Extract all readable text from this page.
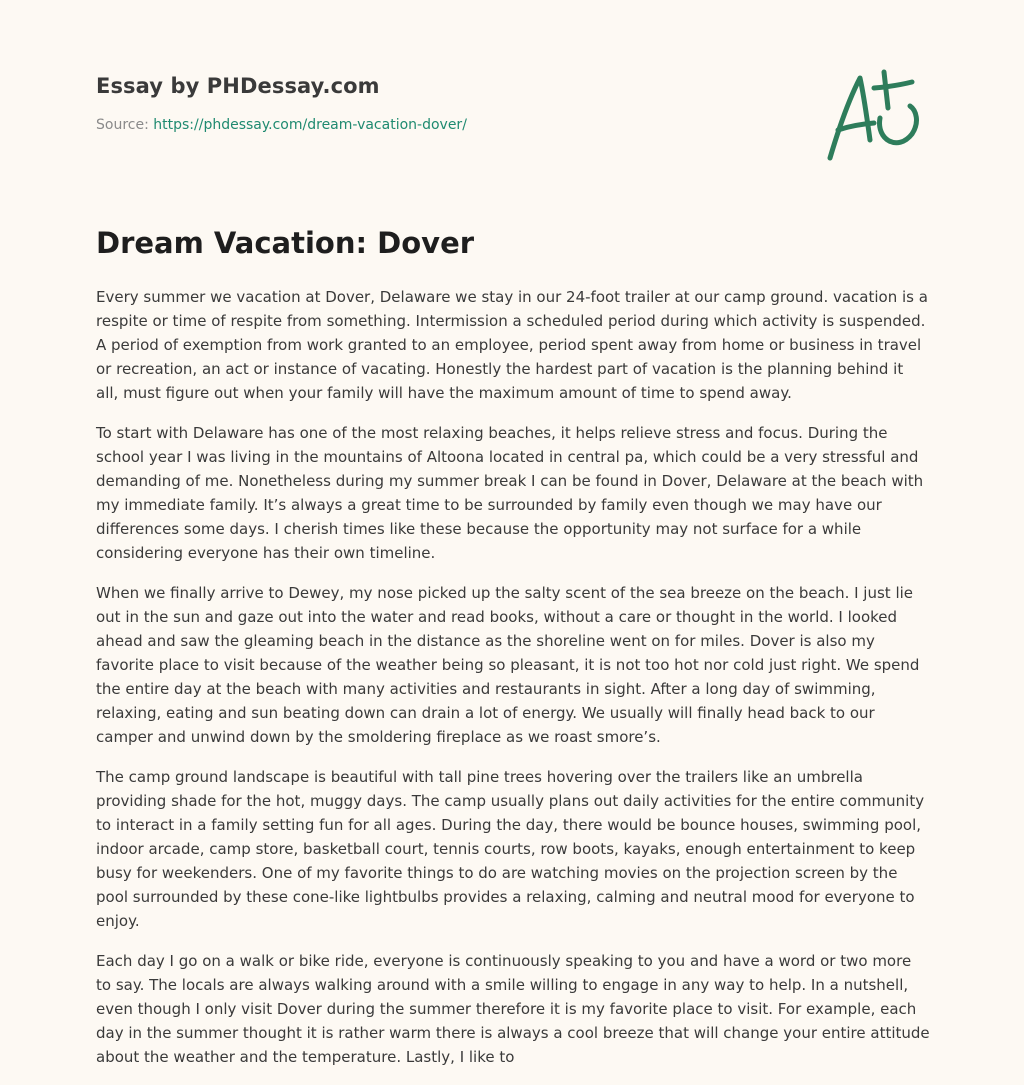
Essay by PHDessay.com
Source: https://phdessay.com/dream-vacation-dover/
Dream Vacation: Dover

Every summer we vacation at Dover, Delaware we stay in our 24-foot trailer at our camp ground. vacation is a respite or time of respite from something. Intermission a scheduled period during which activity is suspended. A period of exemption from work granted to an employee, period spent away from home or business in travel or recreation, an act or instance of vacating. Honestly the hardest part of vacation is the planning behind it all, must figure out when your family will have the maximum amount of time to spend away.

To start with Delaware has one of the most relaxing beaches, it helps relieve stress and focus. During the school year I was living in the mountains of Altoona located in central pa, which could be a very stressful and demanding of me. Nonetheless during my summer break I can be found in Dover, Delaware at the beach with my immediate family. It’s always a great time to be surrounded by family even though we may have our differences some days. I cherish times like these because the opportunity may not surface for a while considering everyone has their own timeline.

When we finally arrive to Dewey, my nose picked up the salty scent of the sea breeze on the beach. I just lie out in the sun and gaze out into the water and read books, without a care or thought in the world. I looked ahead and saw the gleaming beach in the distance as the shoreline went on for miles. Dover is also my favorite place to visit because of the weather being so pleasant, it is not too hot nor cold just right. We spend the entire day at the beach with many activities and restaurants in sight. After a long day of swimming, relaxing, eating and sun beating down can drain a lot of energy. We usually will finally head back to our camper and unwind down by the smoldering fireplace as we roast smore’s.

The camp ground landscape is beautiful with tall pine trees hovering over the trailers like an umbrella providing shade for the hot, muggy days. The camp usually plans out daily activities for the entire community to interact in a family setting fun for all ages. During the day, there would be bounce houses, swimming pool, indoor arcade, camp store, basketball court, tennis courts, row boots, kayaks, enough entertainment to keep busy for weekenders. One of my favorite things to do are watching movies on the projection screen by the pool surrounded by these cone-like lightbulbs provides a relaxing, calming and neutral mood for everyone to enjoy.

Each day I go on a walk or bike ride, everyone is continuously speaking to you and have a word or two more to say. The locals are always walking around with a smile willing to engage in any way to help. In a nutshell, even though I only visit Dover during the summer therefore it is my favorite place to visit. For example, each day in the summer thought it is rather warm there is always a cool breeze that will change your entire attitude about the weather and the temperature. Lastly, I like to
